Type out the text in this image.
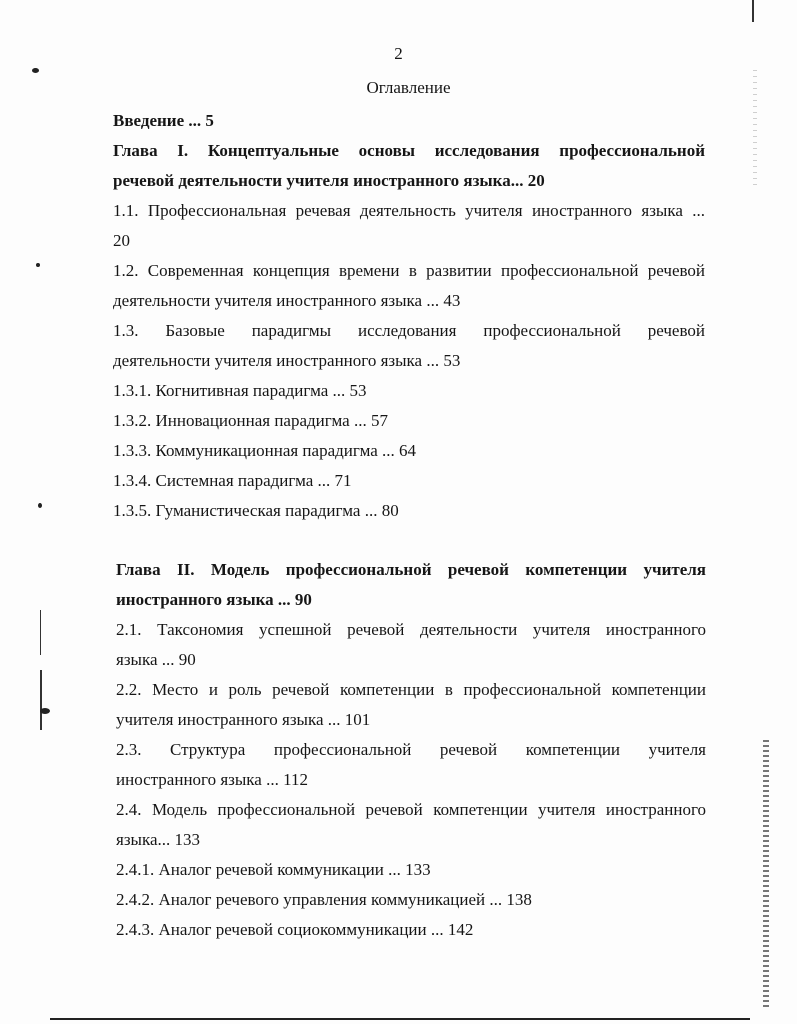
2
Оглавление
Введение ... 5
Глава I. Концептуальные основы исследования профессиональной
речевой деятельности учителя иностранного языка... 20
1.1. Профессиональная речевая деятельность учителя иностранного языка ...
20
1.2. Современная концепция времени в развитии профессиональной речевой
деятельности учителя иностранного языка ... 43
1.3. Базовые парадигмы исследования профессиональной речевой
деятельности учителя иностранного языка ... 53
1.3.1. Когнитивная парадигма ... 53
1.3.2. Инновационная парадигма ... 57
1.3.3. Коммуникационная парадигма ... 64
1.3.4. Системная парадигма ... 71
1.3.5. Гуманистическая парадигма ... 80
Глава II. Модель профессиональной речевой компетенции учителя
иностранного языка ... 90
2.1. Таксономия успешной речевой деятельности учителя иностранного
языка ... 90
2.2. Место и роль речевой компетенции в профессиональной компетенции
учителя иностранного языка ... 101
2.3. Структура профессиональной речевой компетенции учителя
иностранного языка ... 112
2.4. Модель профессиональной речевой компетенции учителя иностранного
языка... 133
2.4.1. Аналог речевой коммуникации ... 133
2.4.2. Аналог речевого управления коммуникацией ... 138
2.4.3. Аналог речевой социокоммуникации ... 142
